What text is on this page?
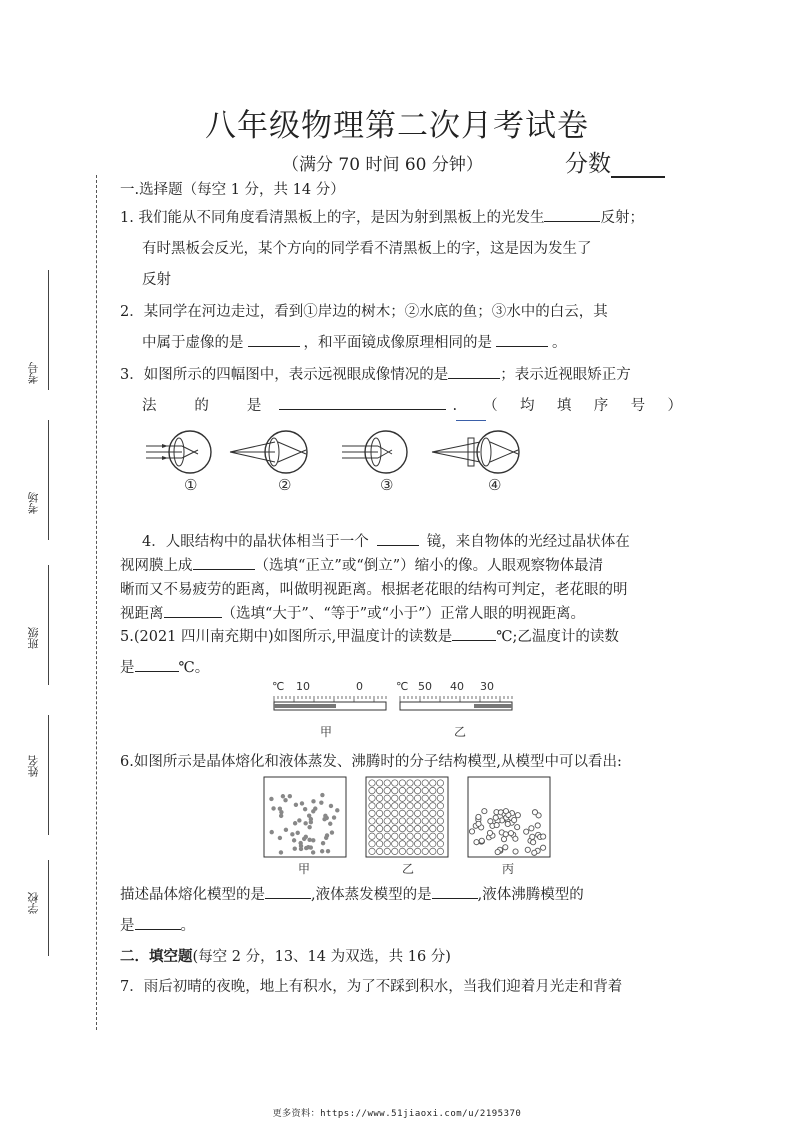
八年级物理第二次月考试卷
（满分 70 时间 60 分钟）	分数
考号
考场
班级
姓名
学校
一.选择题（每空 1 分，共 14 分）
1. 我们能从不同角度看清黑板上的字，是因为射到黑板上的光发生	反射；
有时黑板会反光，某个方向的同学看不清黑板上的字，这是因为发生了
反射
2．某同学在河边走过，看到①岸边的树木；②水底的鱼；③水中的白云，其
中属于虚像的是	，和平面镜成像原理相同的是	。
3．如图所示的四幅图中，表示远视眼成像情况的是	；表示近视眼矫正方
法	的	是	. （ 均 填 序 号 ）
①	②	③	④
4．人眼结构中的晶状体相当于一个	镜，来自物体的光经过晶状体在
视网膜上成	（选填“正立”或“倒立”）缩小的像。人眼观察物体最清
晰而又不易疲劳的距离，叫做明视距离。根据老花眼的结构可判定，老花眼的明
视距离	（选填“大于”、“等于”或“小于”）正常人眼的明视距离。
5.(2021 四川南充期中)如图所示,甲温度计的读数是	℃;乙温度计的读数
是	℃。
℃ 10	0	℃ 50 40 30
甲	乙
6.如图所示是晶体熔化和液体蒸发、沸腾时的分子结构模型,从模型中可以看出:
甲	乙	丙
描述晶体熔化模型的是	,液体蒸发模型的是	,液体沸腾模型的
是	。
二．填空题(每空 2 分，13、14 为双选，共 16 分)
7．雨后初晴的夜晚，地上有积水，为了不踩到积水，当我们迎着月光走和背着
更多资料：https://www.51jiaoxi.com/u/2195370
